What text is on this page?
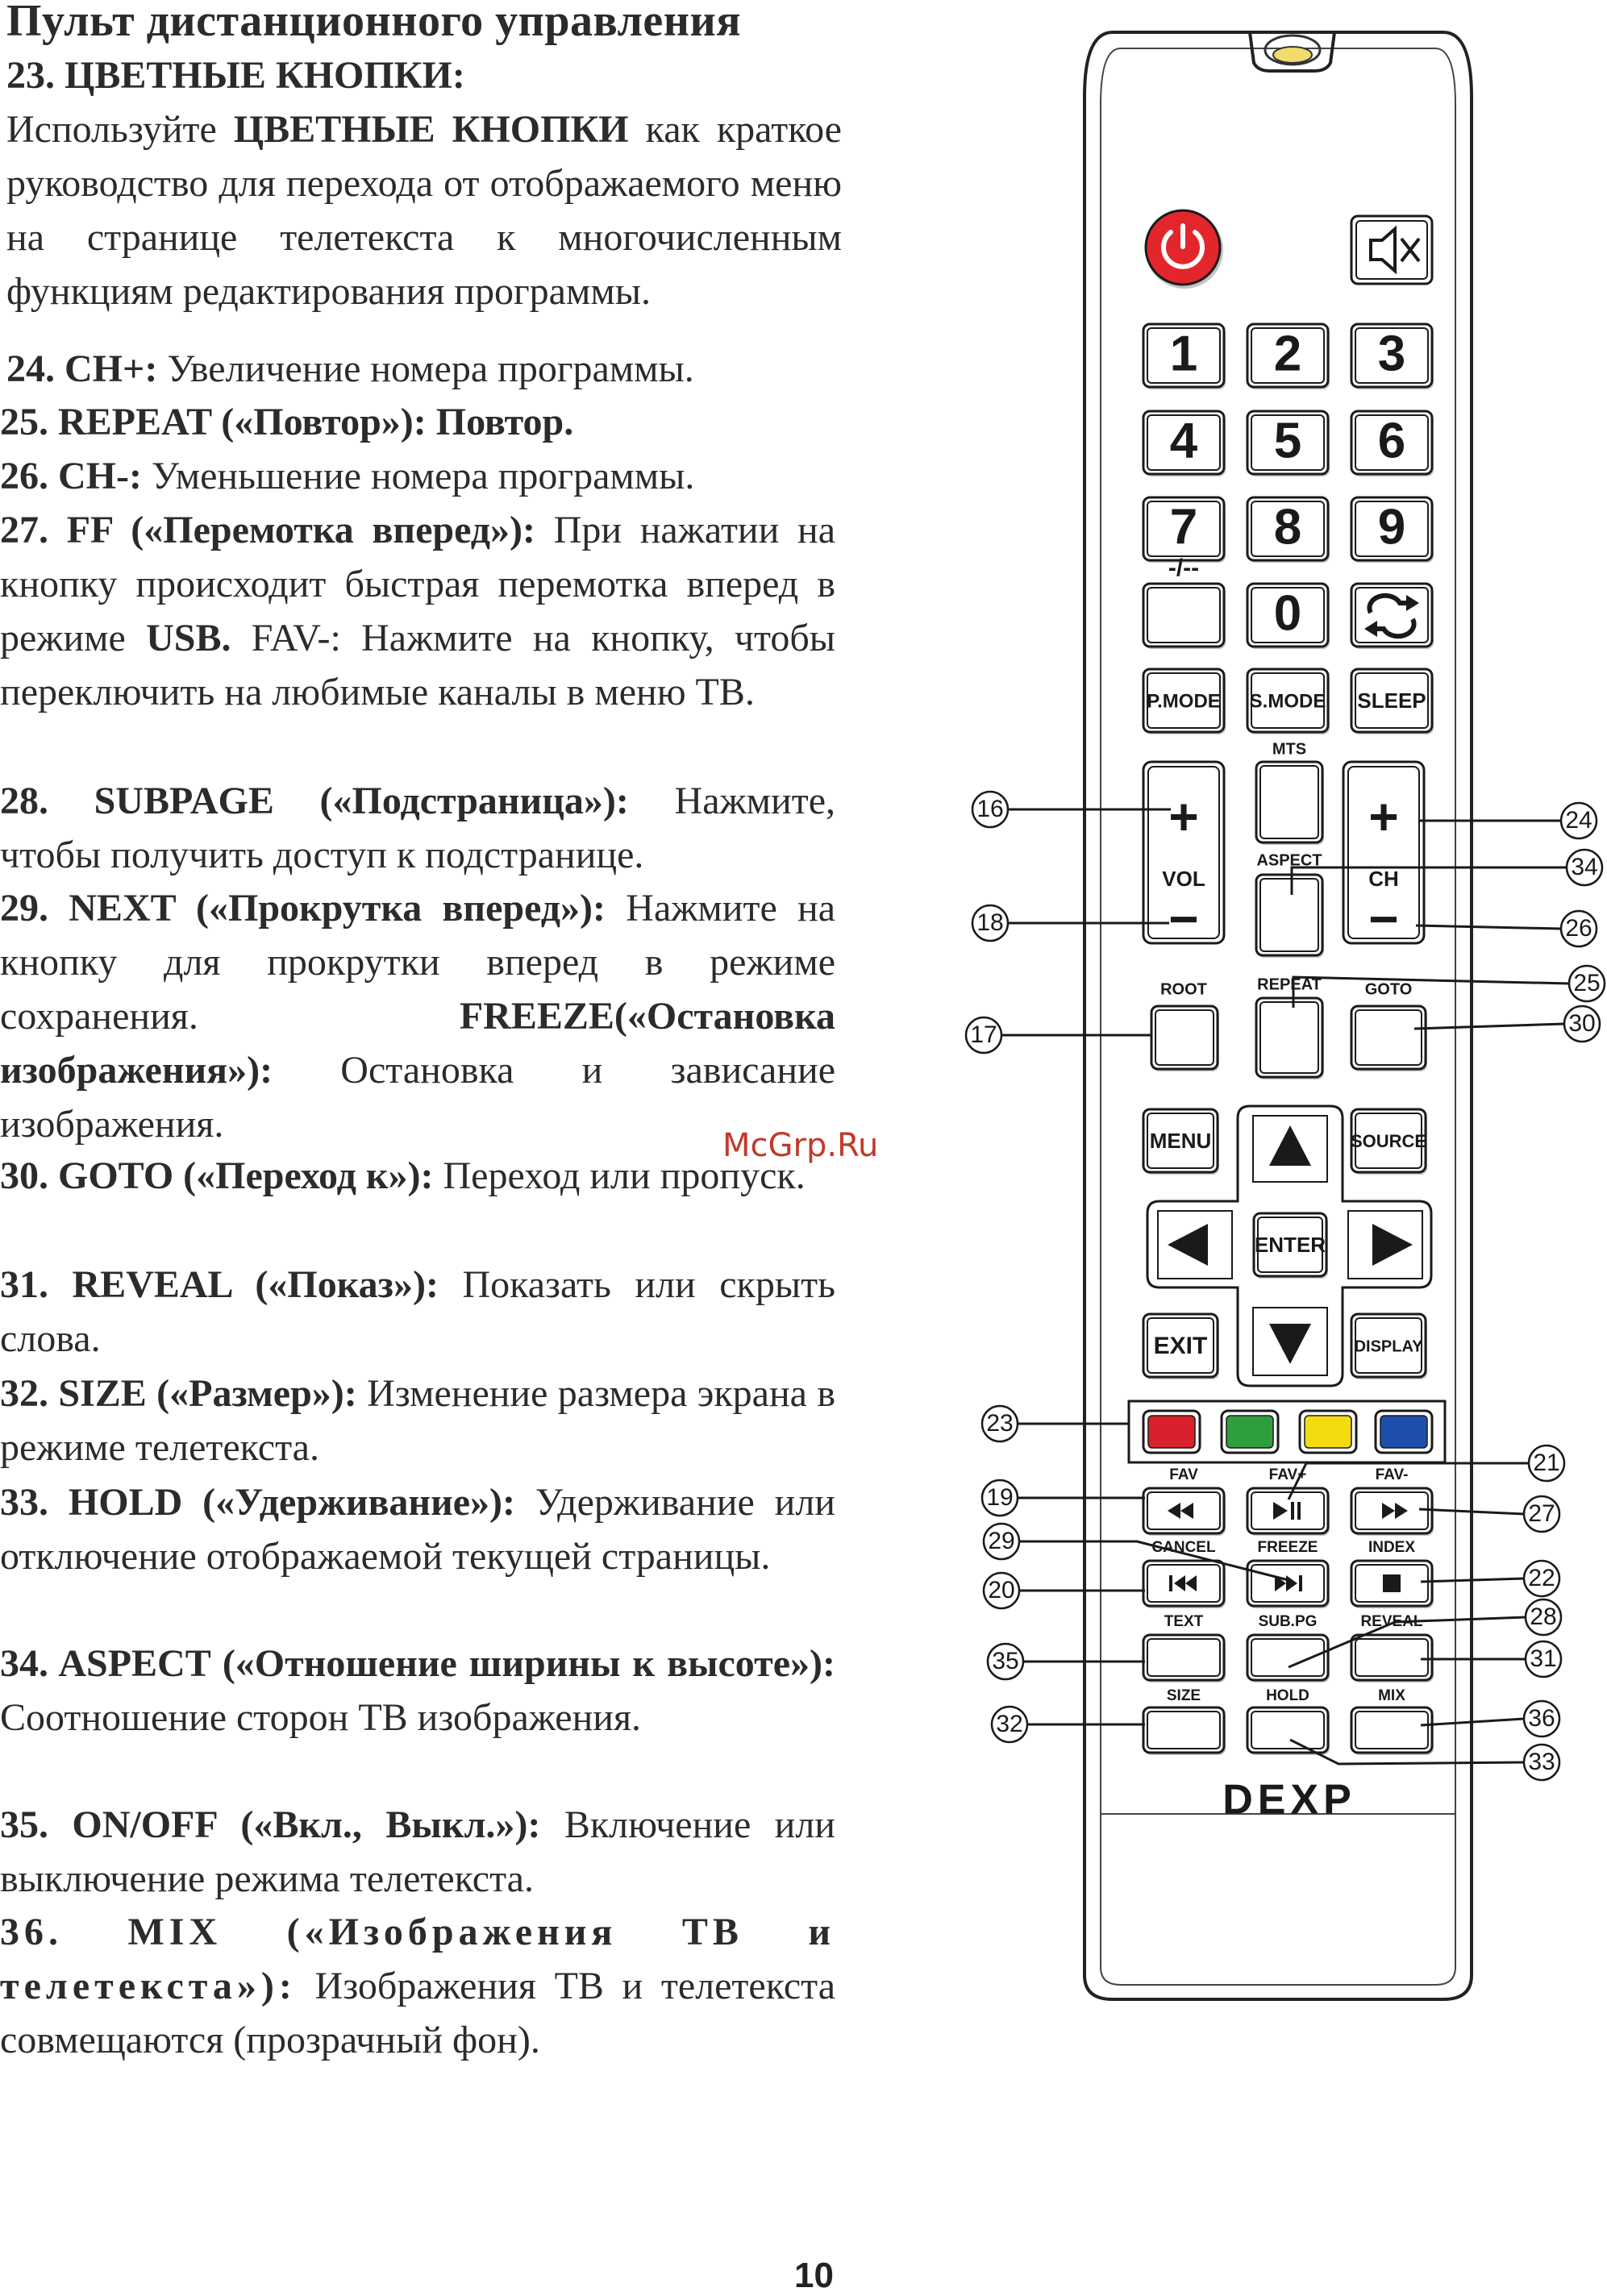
Пульт дистанционного управления

23. ЦВЕТНЫЕ КНОПКИ:
Используйте ЦВЕТНЫЕ КНОПКИ как краткое руководство для перехода от отображаемого меню на странице телетекста к многочисленным функциям редактирования программы.

24. CH+: Увеличение номера программы.

25. REPEAT («Повтор»): Повтор.

26. CH-: Уменьшение номера программы.

27. FF («Перемотка вперед»): При нажатии на кнопку происходит быстрая перемотка вперед в режиме USB. FAV-: Нажмите на кнопку, чтобы переключить на любимые каналы в меню ТВ.

28. SUBPAGE («Подстраница»): Нажмите, чтобы получить доступ к подстранице.

29. NEXT («Прокрутка вперед»): Нажмите на кнопку для прокрутки вперед в режиме сохранения. FREEZE(«Остановка изображения»): Остановка и зависание изображения.

30. GOTO («Переход к»): Переход или пропуск.

31. REVEAL («Показ»): Показать или скрыть слова.

32. SIZE («Размер»): Изменение размера экрана в режиме телетекста.

33. HOLD («Удерживание»): Удерживание или отключение отображаемой текущей страницы.

34. ASPECT («Отношение ширины к высоте»): Соотношение сторон ТВ изображения.

35. ON/OFF («Вкл., Выкл.»): Включение или выключение режима телетекста.

36. MIX («Изображения ТВ и телетекста»): Изображения ТВ и телетекста совмещаются (прозрачный фон).

McGrp.Ru
10
1 2 3
4 5 6
7 8 9
-/--
0
P.MODE S.MODE SLEEP
+
VOL
−
+
CH
−
MTS
ASPECT
ROOT	REPEAT	GOTO
MENU	SOURCE
ENTER
EXIT	DISPLAY
FAV	FAV+	FAV-
CANCEL	FREEZE	INDEX
TEXT	SUB.PG	REVEAL
SIZE	HOLD	MIX
DEXP
16
18
17
23
19
29
20
35
32
24
34
26
25
30
21
27
22
28
31
36
33
